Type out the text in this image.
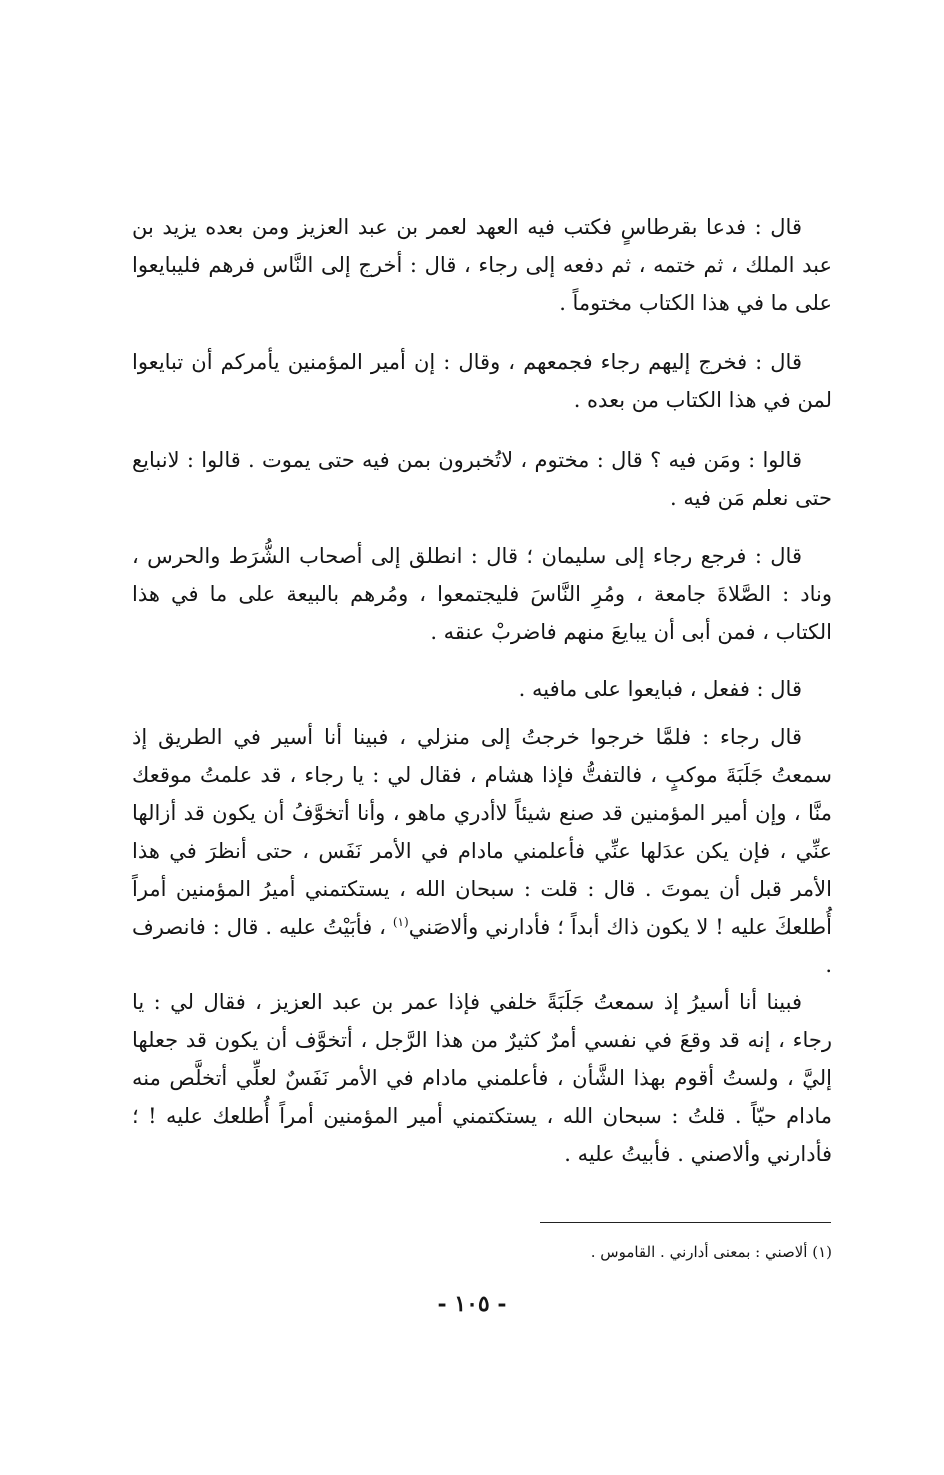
قال : فدعا بقرطاسٍ فكتب فيه العهد لعمر بن عبد العزيز ومن بعده يزيد بن عبد الملك ، ثم ختمه ، ثم دفعه إلى رجاء ، قال : أخرج إلى النَّاس فرهم فليبايعوا على ما في هذا الكتاب مختوماً .

قال : فخرج إليهم رجاء فجمعهم ، وقال : إن أمير المؤمنين يأمركم أن تبايعوا لمن في هذا الكتاب من بعده .

قالوا : ومَن فيه ؟ قال : مختوم ، لاتُخبرون بمن فيه حتى يموت . قالوا : لانبايع حتى نعلم مَن فيه .

قال : فرجع رجاء إلى سليمان ؛ قال : انطلق إلى أصحاب الشُّرَط والحرس ، وناد : الصَّلاةَ جامعة ، ومُرِ النَّاسَ فليجتمعوا ، ومُرهم بالبيعة على ما في هذا الكتاب ، فمن أبى أن يبايعَ منهم فاضربْ عنقه .

قال : ففعل ، فبايعوا على مافيه .

قال رجاء : فلمَّا خرجوا خرجتُ إلى منزلي ، فبينا أنا أسير في الطريق إذ سمعتُ جَلَبَةَ موكبٍ ، فالتفتُّ فإذا هشام ، فقال لي : يا رجاء ، قد علمتُ موقعك منَّا ، وإن أمير المؤمنين قد صنع شيئاً لاأدري ماهو ، وأنا أتخوَّفُ أن يكون قد أزالها عنِّي ، فإن يكن عدَلها عنِّي فأعلمني مادام في الأمر نَفَس ، حتى أنظرَ في هذا الأمر قبل أن يموتَ . قال : قلت : سبحان الله ، يستكتمني أميرُ المؤمنين أمراً أُطلعكَ عليه ! لا يكون ذاك أبداً ؛ فأدارني وألاصَني$^{(١)}$ ، فأبَيْتُ عليه . قال : فانصرف .

فبينا أنا أسيرُ إذ سمعتُ جَلَبَةً خلفي فإذا عمر بن عبد العزيز ، فقال لي : يا رجاء ، إنه قد وقعَ في نفسي أمرٌ كثيرٌ من هذا الرَّجل ، أتخوَّف أن يكون قد جعلها إليَّ ، ولستُ أقوم بهذا الشَّأن ، فأعلمني مادام في الأمر نَفَسٌ لعلِّي أتخلَّص منه مادام حيّاً . قلتُ : سبحان الله ، يستكتمني أمير المؤمنين أمراً أُطلعك عليه ! ؛ فأدارني وألاصني . فأبيتُ عليه .

(١) ألاصني : بمعنى أدارني . القاموس .
- ١٠٥ -
